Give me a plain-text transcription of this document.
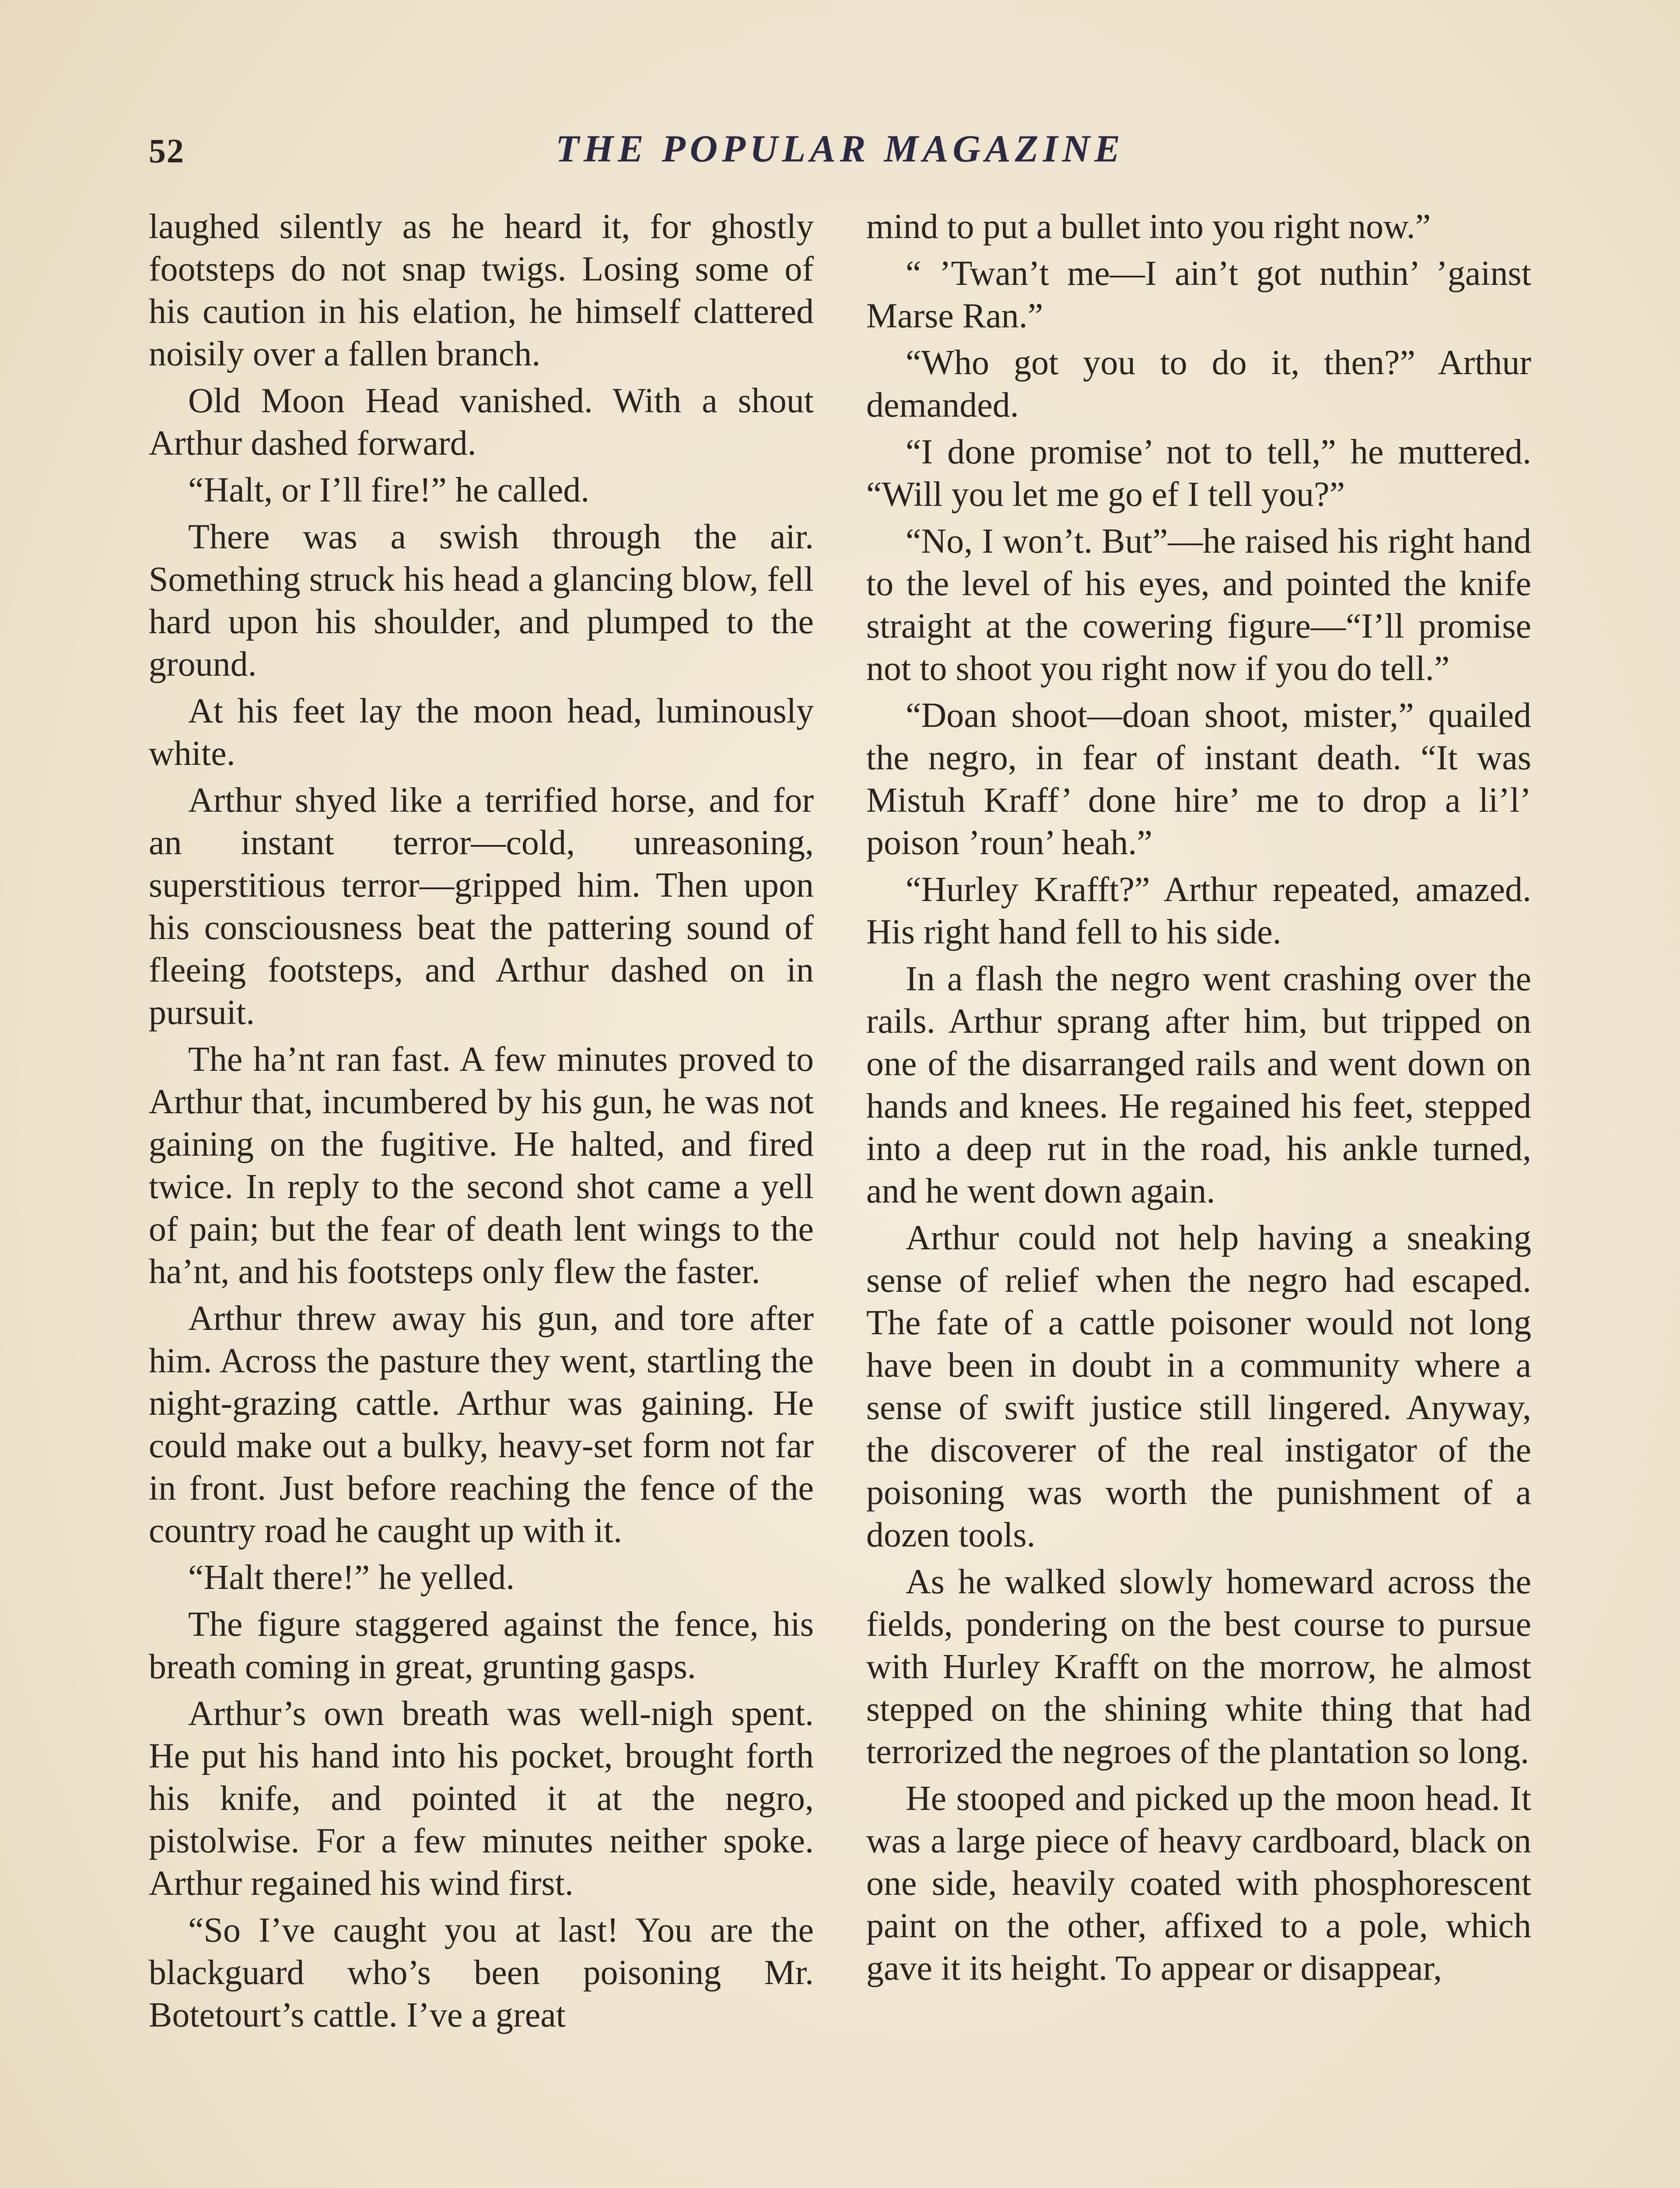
52	THE POPULAR MAGAZINE

laughed silently as he heard it, for ghostly footsteps do not snap twigs. Losing some of his caution in his elation, he himself clattered noisily over a fallen branch.

Old Moon Head vanished. With a shout Arthur dashed forward.

“Halt, or I’ll fire!” he called.

There was a swish through the air. Something struck his head a glancing blow, fell hard upon his shoulder, and plumped to the ground.

At his feet lay the moon head, luminously white.

Arthur shyed like a terrified horse, and for an instant terror—cold, unreasoning, superstitious terror—gripped him. Then upon his consciousness beat the pattering sound of fleeing footsteps, and Arthur dashed on in pursuit.

The ha’nt ran fast. A few minutes proved to Arthur that, incumbered by his gun, he was not gaining on the fugitive. He halted, and fired twice. In reply to the second shot came a yell of pain; but the fear of death lent wings to the ha’nt, and his footsteps only flew the faster.

Arthur threw away his gun, and tore after him. Across the pasture they went, startling the night-grazing cattle. Arthur was gaining. He could make out a bulky, heavy-set form not far in front. Just before reaching the fence of the country road he caught up with it.

“Halt there!” he yelled.

The figure staggered against the fence, his breath coming in great, grunting gasps.

Arthur’s own breath was well-nigh spent. He put his hand into his pocket, brought forth his knife, and pointed it at the negro, pistolwise. For a few minutes neither spoke. Arthur regained his wind first.

“So I’ve caught you at last! You are the blackguard who’s been poisoning Mr. Botetourt’s cattle. I’ve a great

mind to put a bullet into you right now.”

“ ’Twan’t me—I ain’t got nuthin’ ’gainst Marse Ran.”

“Who got you to do it, then?” Arthur demanded.

“I done promise’ not to tell,” he muttered. “Will you let me go ef I tell you?”

“No, I won’t. But”—he raised his right hand to the level of his eyes, and pointed the knife straight at the cowering figure—“I’ll promise not to shoot you right now if you do tell.”

“Doan shoot—doan shoot, mister,” quailed the negro, in fear of instant death. “It was Mistuh Kraff’ done hire’ me to drop a li’l’ poison ’roun’ heah.”

“Hurley Krafft?” Arthur repeated, amazed. His right hand fell to his side.

In a flash the negro went crashing over the rails. Arthur sprang after him, but tripped on one of the disarranged rails and went down on hands and knees. He regained his feet, stepped into a deep rut in the road, his ankle turned, and he went down again.

Arthur could not help having a sneaking sense of relief when the negro had escaped. The fate of a cattle poisoner would not long have been in doubt in a community where a sense of swift justice still lingered. Anyway, the discoverer of the real instigator of the poisoning was worth the punishment of a dozen tools.

As he walked slowly homeward across the fields, pondering on the best course to pursue with Hurley Krafft on the morrow, he almost stepped on the shining white thing that had terrorized the negroes of the plantation so long.

He stooped and picked up the moon head. It was a large piece of heavy cardboard, black on one side, heavily coated with phosphorescent paint on the other, affixed to a pole, which gave it its height. To appear or disappear,
